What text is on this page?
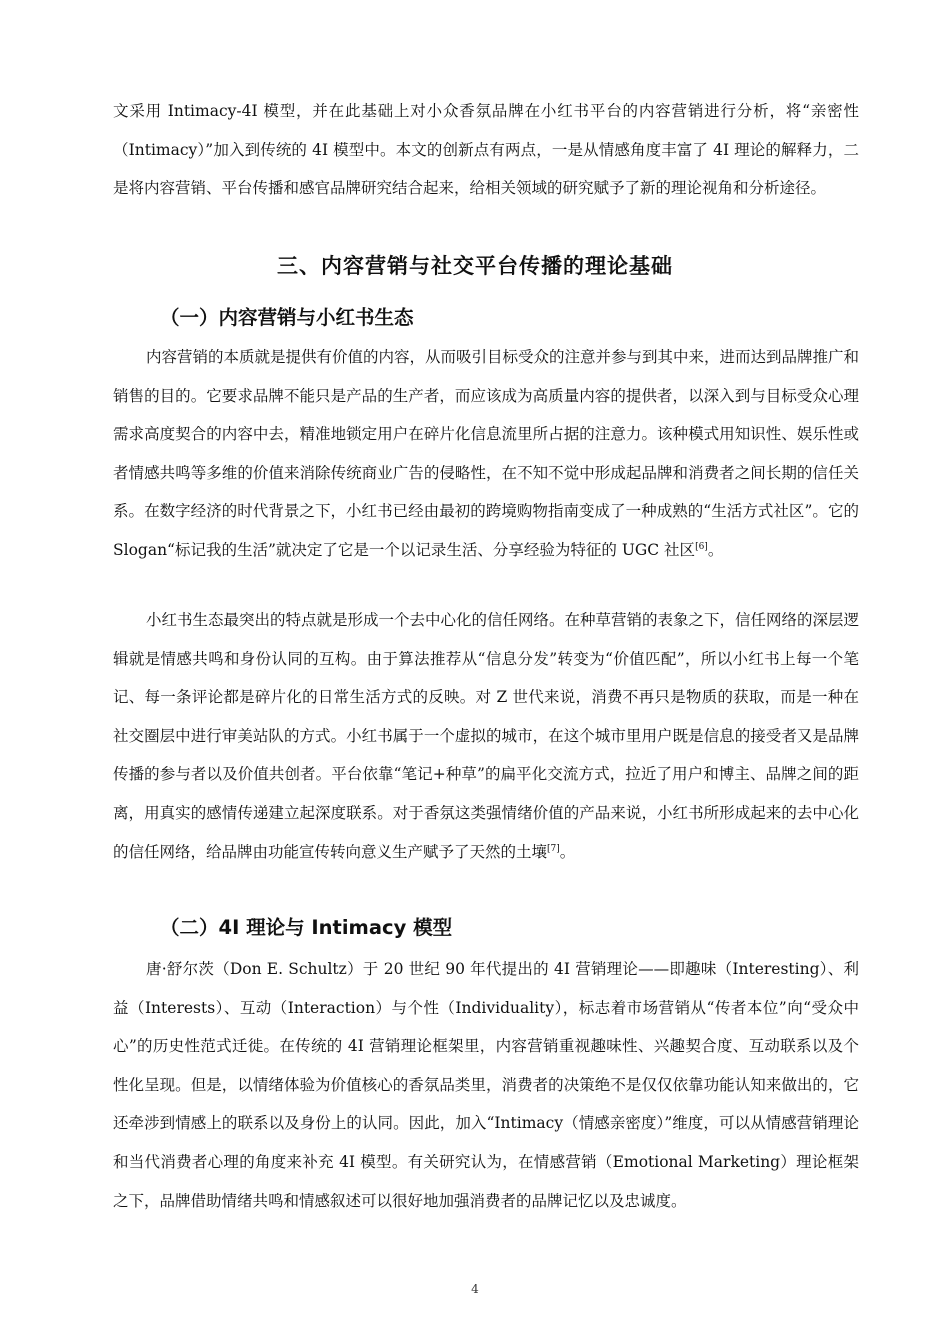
文采用 Intimacy-4I 模型，并在此基础上对小众香氛品牌在小红书平台的内容营销进行分析，将“亲密性（Intimacy）”加入到传统的 4I 模型中。本文的创新点有两点，一是从情感角度丰富了 4I 理论的解释力，二是将内容营销、平台传播和感官品牌研究结合起来，给相关领域的研究赋予了新的理论视角和分析途径。

三、内容营销与社交平台传播的理论基础
（一）内容营销与小红书生态

内容营销的本质就是提供有价值的内容，从而吸引目标受众的注意并参与到其中来，进而达到品牌推广和销售的目的。它要求品牌不能只是产品的生产者，而应该成为高质量内容的提供者，以深入到与目标受众心理需求高度契合的内容中去，精准地锁定用户在碎片化信息流里所占据的注意力。该种模式用知识性、娱乐性或者情感共鸣等多维的价值来消除传统商业广告的侵略性，在不知不觉中形成起品牌和消费者之间长期的信任关系。在数字经济的时代背景之下，小红书已经由最初的跨境购物指南变成了一种成熟的“生活方式社区”。它的 Slogan“标记我的生活”就决定了它是一个以记录生活、分享经验为特征的 UGC 社区[6]。

小红书生态最突出的特点就是形成一个去中心化的信任网络。在种草营销的表象之下，信任网络的深层逻辑就是情感共鸣和身份认同的互构。由于算法推荐从“信息分发”转变为“价值匹配”，所以小红书上每一个笔记、每一条评论都是碎片化的日常生活方式的反映。对 Z 世代来说，消费不再只是物质的获取，而是一种在社交圈层中进行审美站队的方式。小红书属于一个虚拟的城市，在这个城市里用户既是信息的接受者又是品牌传播的参与者以及价值共创者。平台依靠“笔记+种草”的扁平化交流方式，拉近了用户和博主、品牌之间的距离，用真实的感情传递建立起深度联系。对于香氛这类强情绪价值的产品来说，小红书所形成起来的去中心化的信任网络，给品牌由功能宣传转向意义生产赋予了天然的土壤[7]。

（二）4I 理论与 Intimacy 模型

唐·舒尔茨（Don E. Schultz）于 20 世纪 90 年代提出的 4I 营销理论——即趣味（Interesting）、利益（Interests）、互动（Interaction）与个性（Individuality），标志着市场营销从“传者本位”向“受众中心”的历史性范式迁徙。在传统的 4I 营销理论框架里，内容营销重视趣味性、兴趣契合度、互动联系以及个性化呈现。但是，以情绪体验为价值核心的香氛品类里，消费者的决策绝不是仅仅依靠功能认知来做出的，它还牵涉到情感上的联系以及身份上的认同。因此，加入“Intimacy（情感亲密度）”维度，可以从情感营销理论和当代消费者心理的角度来补充 4I 模型。有关研究认为，在情感营销（Emotional Marketing）理论框架之下，品牌借助情绪共鸣和情感叙述可以很好地加强消费者的品牌记忆以及忠诚度。

4
